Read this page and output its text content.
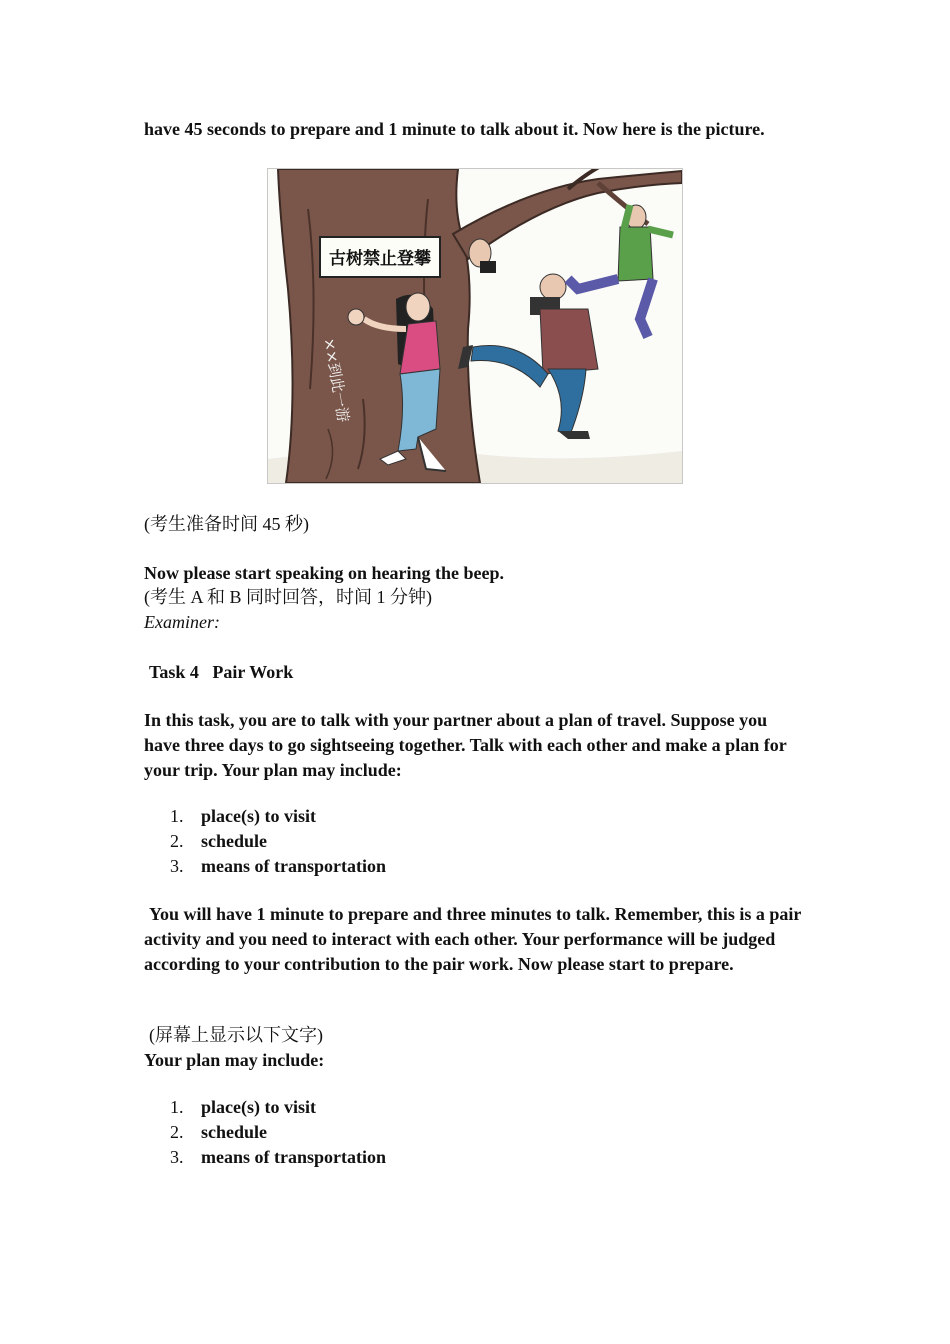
have 45 seconds to prepare and 1 minute to talk about it. Now here is the picture.
古树禁止登攀
××到此一游
(考生准备时间 45 秒)
Now please start speaking on hearing the beep.
(考生 A 和 B 同时回答，时间 1 分钟)
Examiner:
Task 4   Pair Work
In this task, you are to talk with your partner about a plan of travel. Suppose you have three days to go sightseeing together. Talk with each other and make a plan for your trip. Your plan may include:
1. place(s) to visit
2. schedule
3. means of transportation
You will have 1 minute to prepare and three minutes to talk. Remember, this is a pair activity and you need to interact with each other. Your performance will be judged according to your contribution to the pair work. Now please start to prepare.
(屏幕上显示以下文字)
Your plan may include:
1. place(s) to visit
2. schedule
3. means of transportation
